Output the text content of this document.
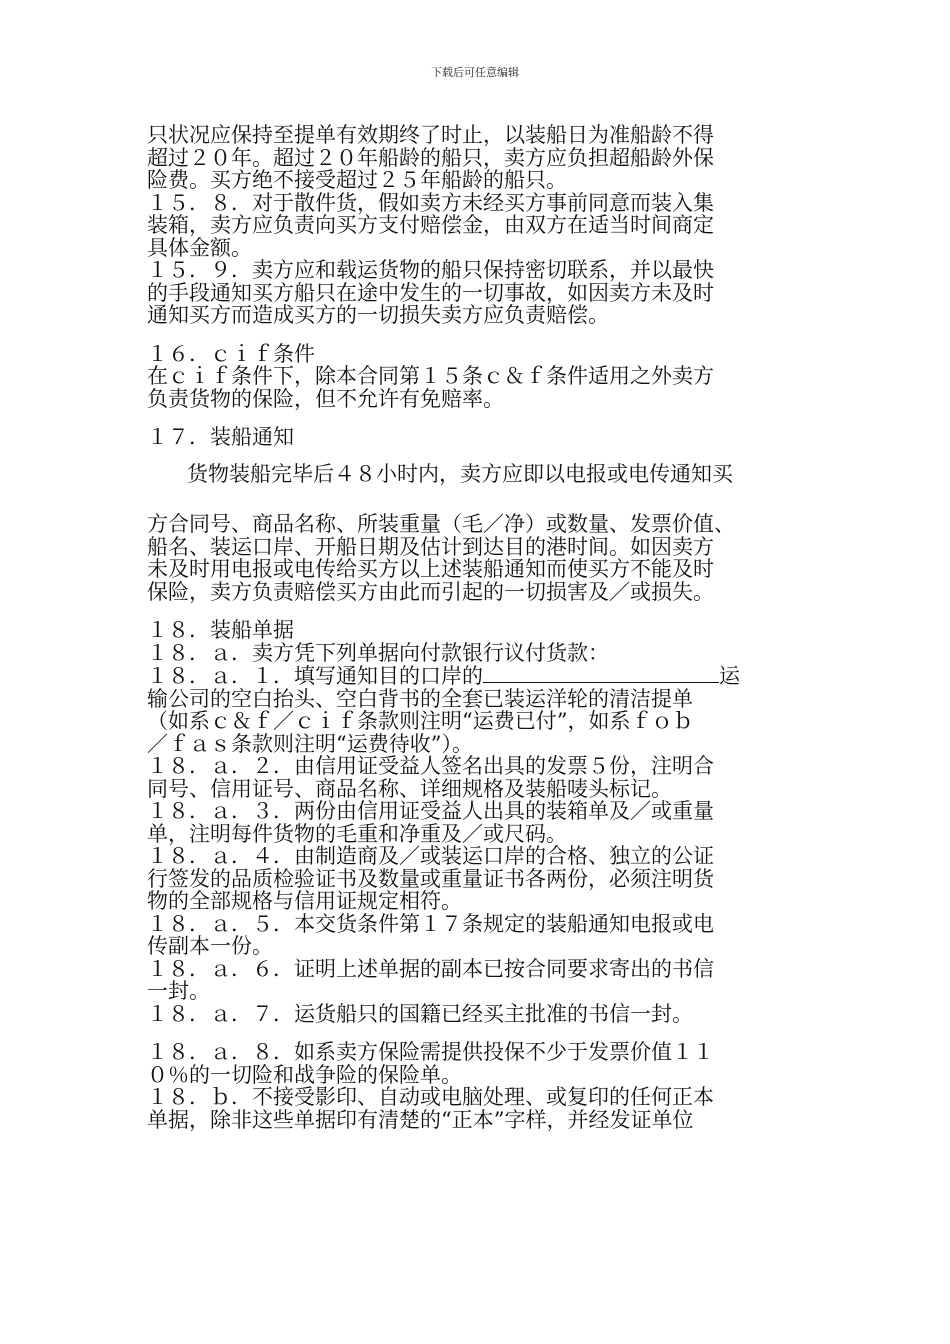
下载后可任意编辑

只状况应保持至提单有效期终了时止，以装船日为准船龄不得

超过２０年。超过２０年船龄的船只，卖方应负担超船龄外保

险费。买方绝不接受超过２５年船龄的船只。

１５．８．对于散件货，假如卖方未经买方事前同意而装入集

装箱，卖方应负责向买方支付赔偿金，由双方在适当时间商定

具体金额。

１５．９．卖方应和载运货物的船只保持密切联系，并以最快

的手段通知买方船只在途中发生的一切事故，如因卖方未及时

通知买方而造成买方的一切损失卖方应负责赔偿。

１６．ｃｉｆ条件

在ｃｉｆ条件下，除本合同第１５条ｃ＆ｆ条件适用之外卖方

负责货物的保险，但不允许有免赔率。

１７．装船通知

货物装船完毕后４８小时内，卖方应即以电报或电传通知买

方合同号、商品名称、所装重量（毛／净）或数量、发票价值、

船名、装运口岸、开船日期及估计到达目的港时间。如因卖方

未及时用电报或电传给买方以上述装船通知而使买方不能及时

保险，卖方负责赔偿买方由此而引起的一切损害及／或损失。

１８．装船单据

１８．ａ．卖方凭下列单据向付款银行议付货款：

１８．ａ．１．填写通知目的口岸的	运

输公司的空白抬头、空白背书的全套已装运洋轮的清洁提单

（如系ｃ＆ｆ／ｃｉｆ条款则注明“运费已付”，如系ｆｏｂ

／ｆａｓ条款则注明“运费待收”）。

１８．ａ．２．由信用证受益人签名出具的发票５份，注明合

同号、信用证号、商品名称、详细规格及装船唛头标记。

１８．ａ．３．两份由信用证受益人出具的装箱单及／或重量

单，注明每件货物的毛重和净重及／或尺码。

１８．ａ．４．由制造商及／或装运口岸的合格、独立的公证

行签发的品质检验证书及数量或重量证书各两份，必须注明货

物的全部规格与信用证规定相符。

１８．ａ．５．本交货条件第１７条规定的装船通知电报或电

传副本一份。

１８．ａ．６．证明上述单据的副本已按合同要求寄出的书信

一封。

１８．ａ．７．运货船只的国籍已经买主批准的书信一封。

１８．ａ．８．如系卖方保险需提供投保不少于发票价值１１

０％的一切险和战争险的保险单。

１８．ｂ．不接受影印、自动或电脑处理、或复印的任何正本

单据，除非这些单据印有清楚的“正本”字样，并经发证单位
